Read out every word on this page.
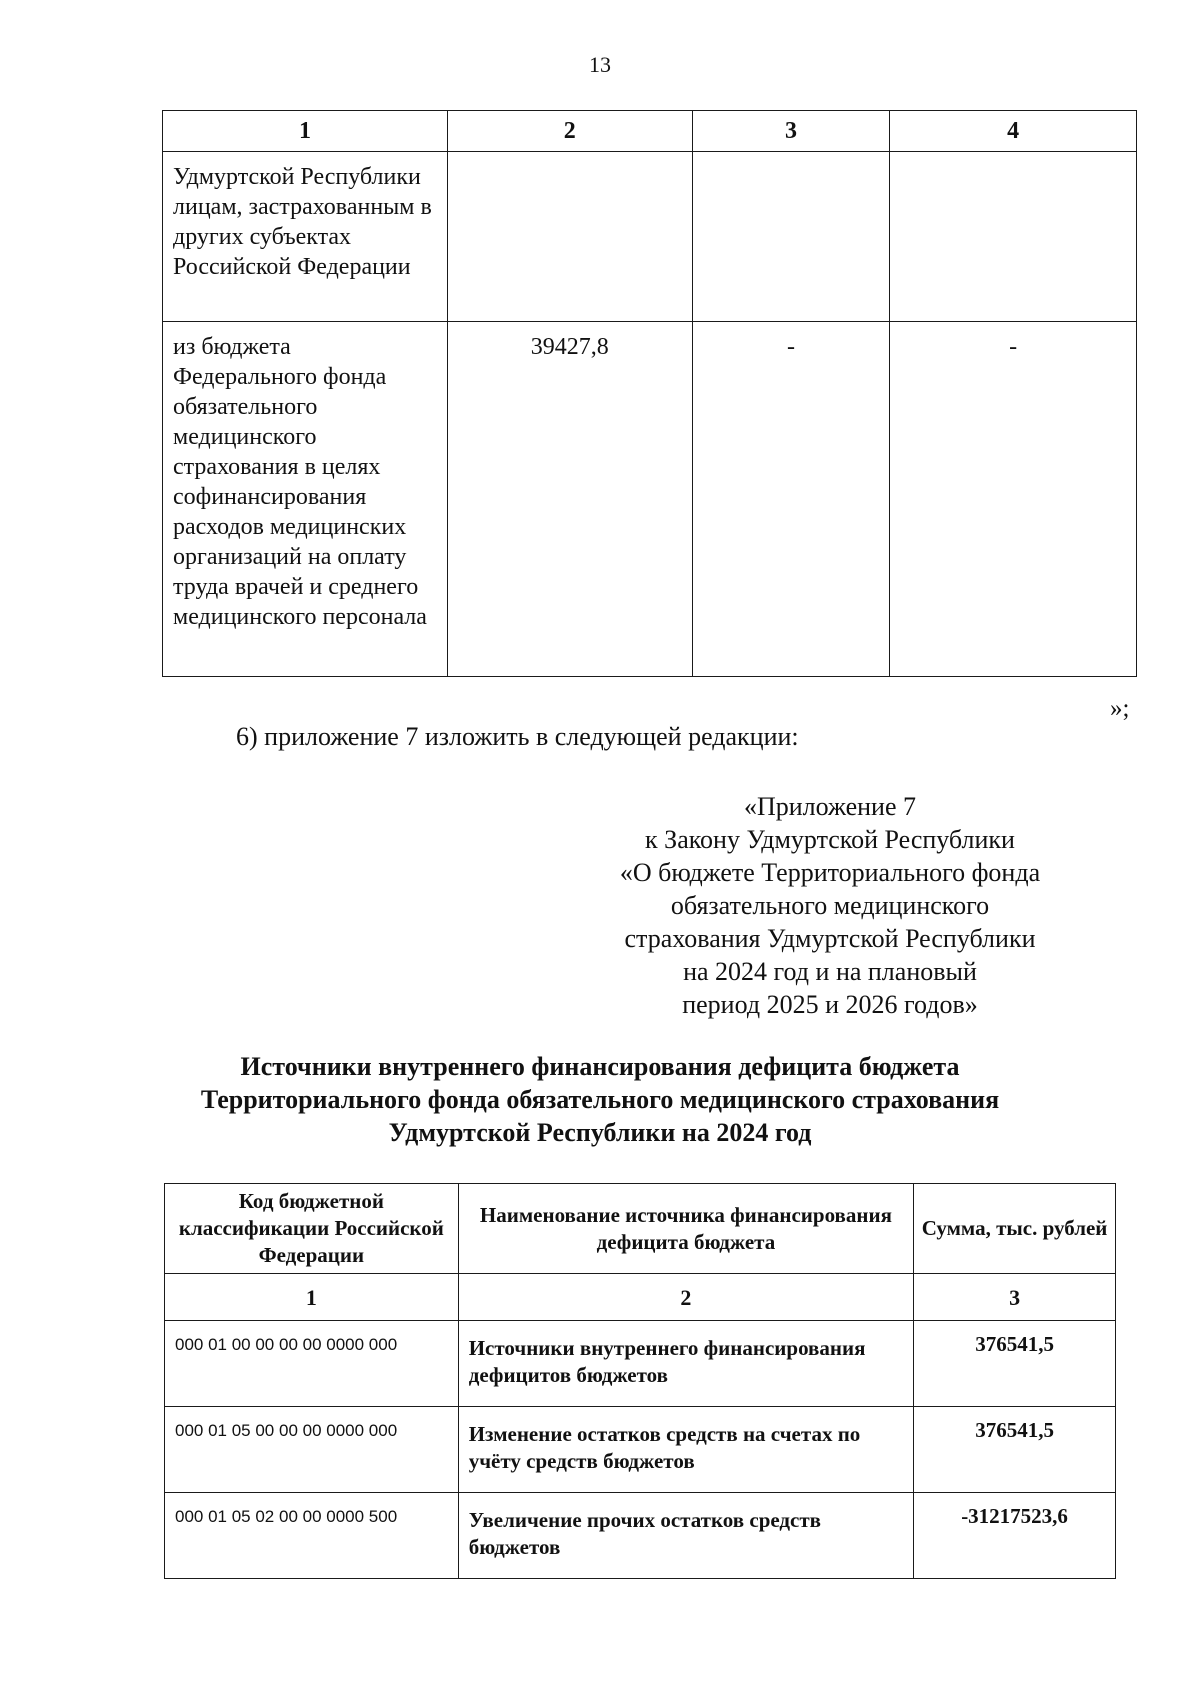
13
1	2	3	4
Удмуртской Республики лицам, застрахованным в других субъектах Российской Федерации			
из бюджета Федерального фонда обязательного медицинского страхования в целях софинансирования расходов медицинских организаций на оплату труда врачей и среднего медицинского персонала	39427,8	-	-
»;
6) приложение 7 изложить в следующей редакции:
«Приложение 7
к Закону Удмуртской Республики
«О бюджете Территориального фонда
обязательного медицинского
страхования Удмуртской Республики
на 2024 год и на плановый
период 2025 и 2026 годов»
Источники внутреннего финансирования дефицита бюджета
Территориального фонда обязательного медицинского страхования
Удмуртской Республики на 2024 год
Код бюджетной классификации Российской Федерации	Наименование источника финансирования дефицита бюджета	Сумма, тыс. рублей
1	2	3
000 01 00 00 00 00 0000 000	Источники внутреннего финансирования дефицитов бюджетов	376541,5
000 01 05 00 00 00 0000 000	Изменение остатков средств на счетах по учёту средств бюджетов	376541,5
000 01 05 02 00 00 0000 500	Увеличение прочих остатков средств бюджетов	-31217523,6
